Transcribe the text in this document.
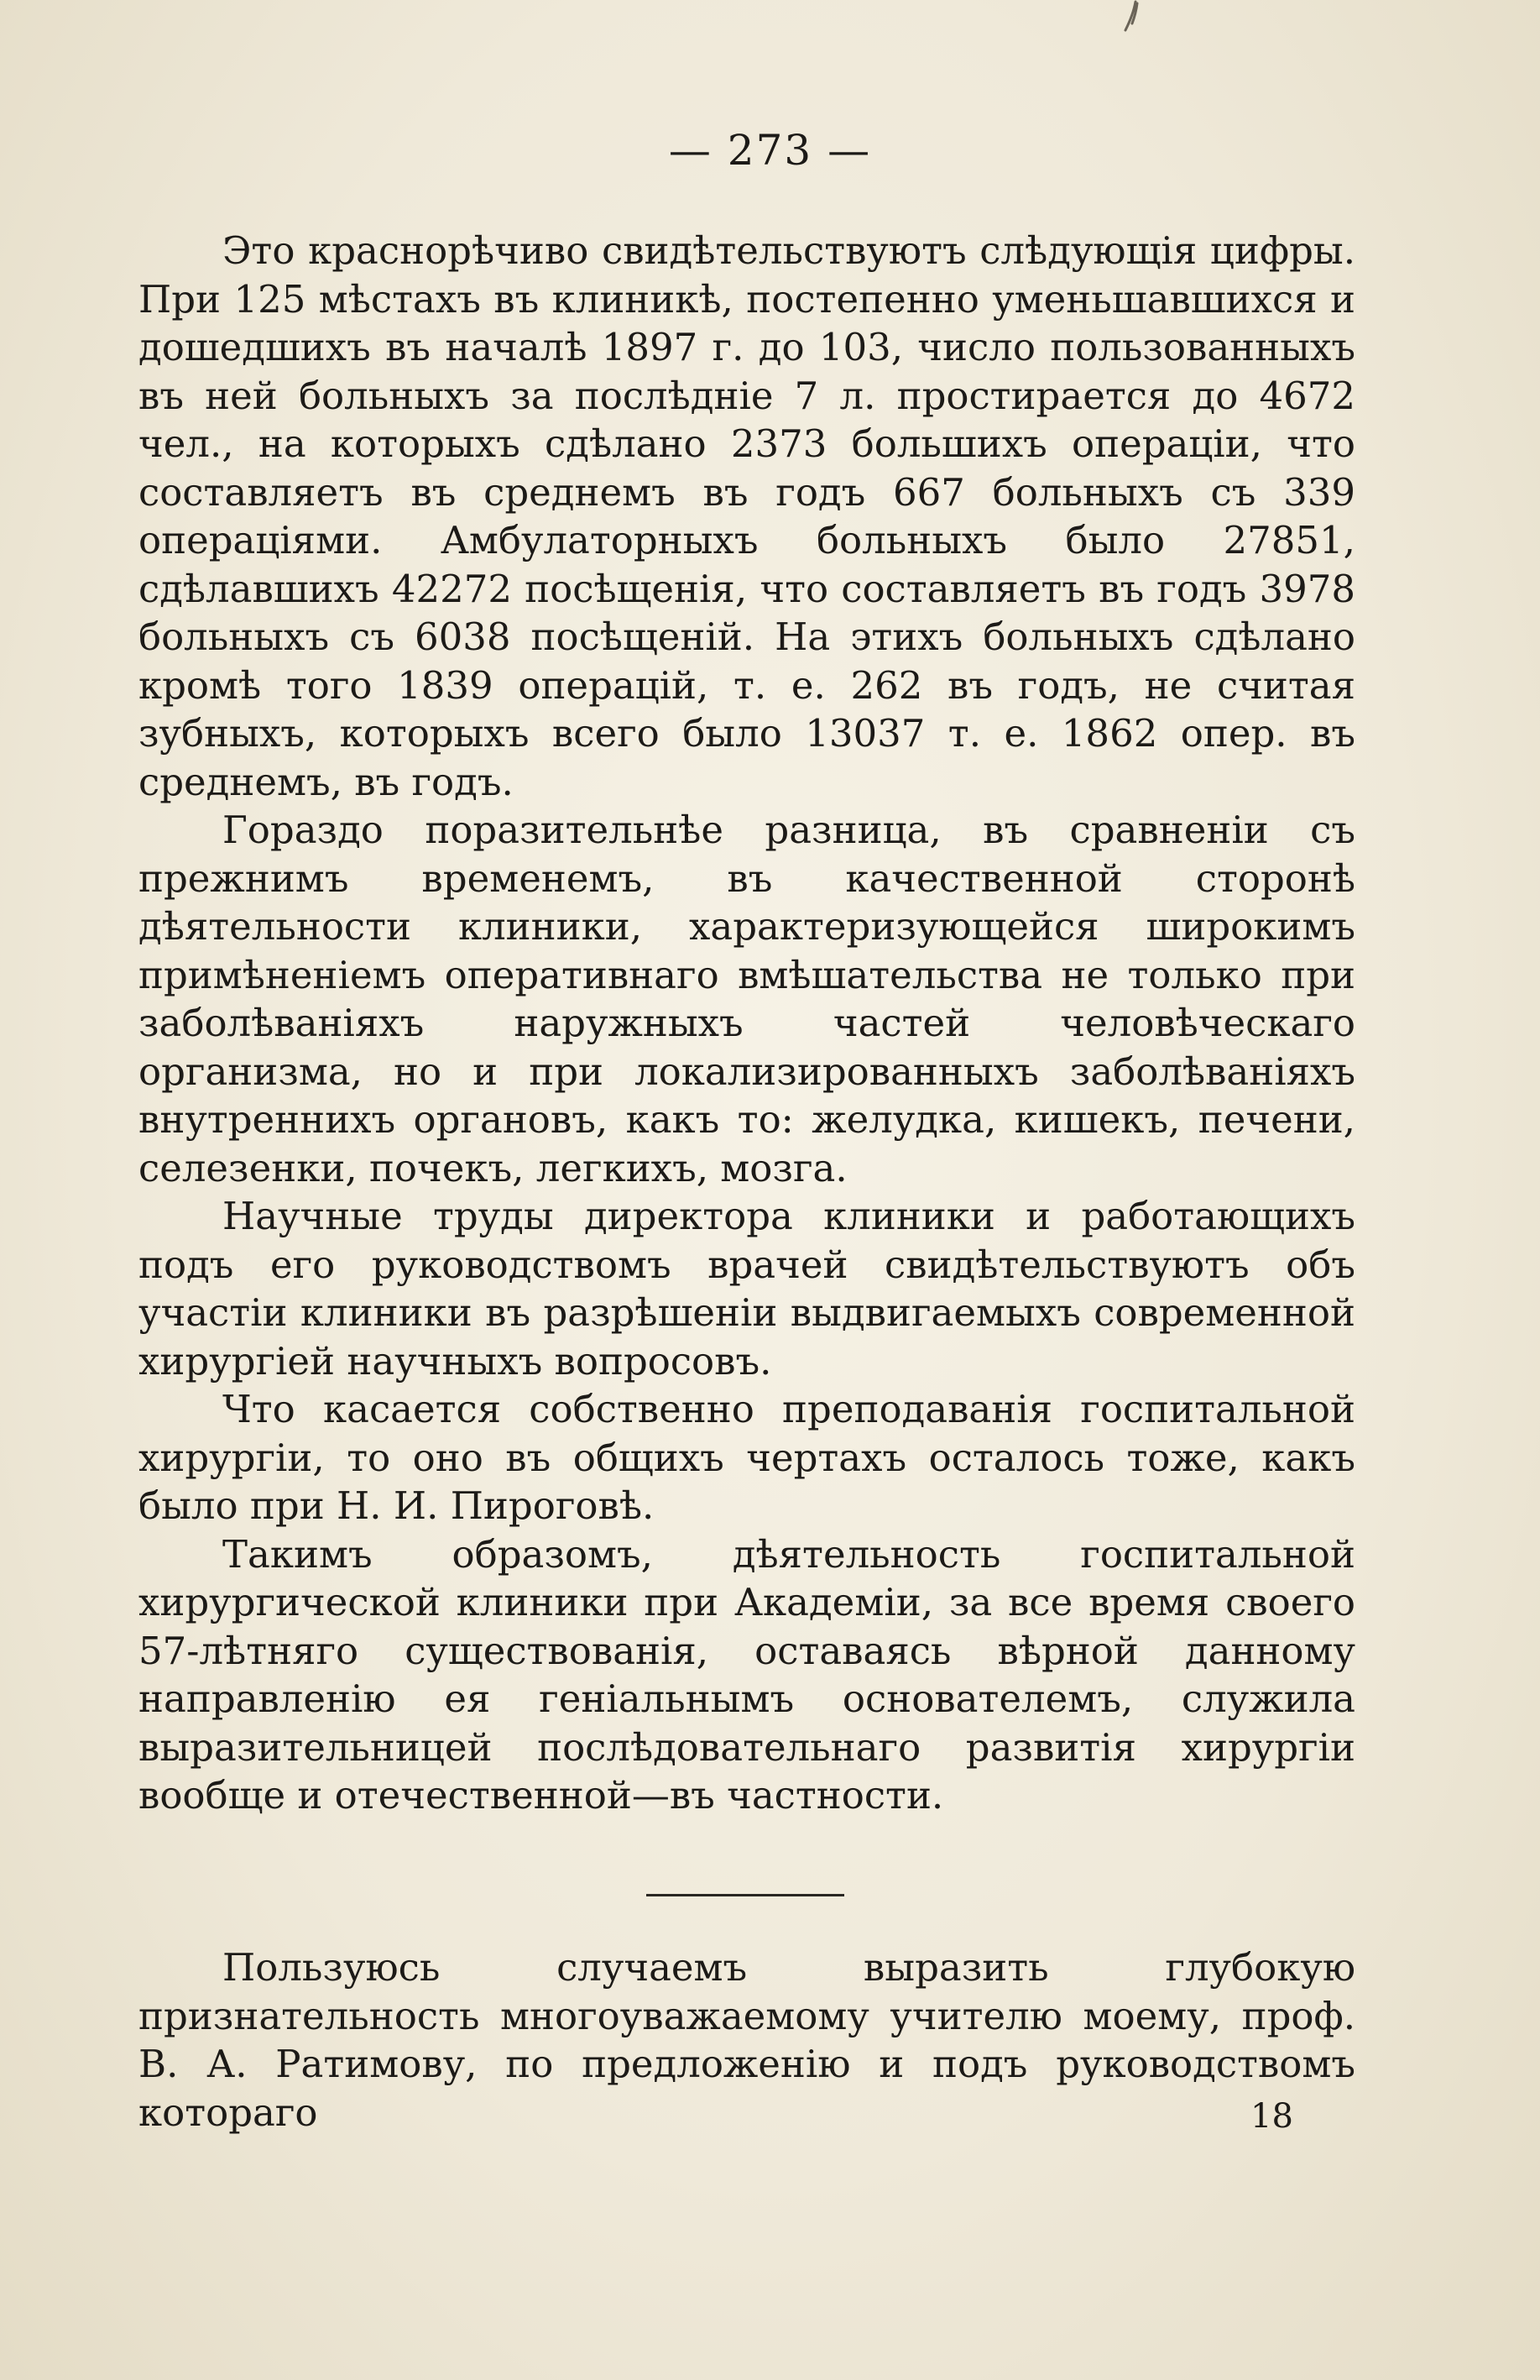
— 273 —

Это краснорѣчиво свидѣтельствуютъ слѣдующія цифры. При 125 мѣстахъ въ клиникѣ, постепенно уменьшавшихся и дошедшихъ въ началѣ 1897 г. до 103, число пользованныхъ въ ней больныхъ за послѣдніе 7 л. простирается до 4672 чел., на которыхъ сдѣлано 2373 большихъ операціи, что составляетъ въ среднемъ въ годъ 667 больныхъ съ 339 операціями. Амбулаторныхъ больныхъ было 27851, сдѣлавшихъ 42272 посѣщенія, что составляетъ въ годъ 3978 больныхъ съ 6038 посѣщеній. На этихъ больныхъ сдѣлано кромѣ того 1839 операцій, т. е. 262 въ годъ, не считая зубныхъ, которыхъ всего было 13037 т. е. 1862 опер. въ среднемъ, въ годъ.

Гораздо поразительнѣе разница, въ сравненіи съ прежнимъ временемъ, въ качественной сторонѣ дѣятельности клиники, характеризующейся широкимъ примѣненіемъ оперативнаго вмѣшательства не только при заболѣваніяхъ наружныхъ частей человѣческаго организма, но и при локализированныхъ заболѣваніяхъ внутреннихъ органовъ, какъ то: желудка, кишекъ, печени, селезенки, почекъ, легкихъ, мозга.

Научные труды директора клиники и работающихъ подъ его руководствомъ врачей свидѣтельствуютъ объ участіи клиники въ разрѣшеніи выдвигаемыхъ современной хирургіей научныхъ вопросовъ.

Что касается собственно преподаванія госпитальной хирургіи, то оно въ общихъ чертахъ осталось тоже, какъ было при Н. И. Пироговѣ.

Такимъ образомъ, дѣятельность госпитальной хирургической клиники при Академіи, за все время своего 57-лѣтняго существованія, оставаясь вѣрной данному направленію ея геніальнымъ основателемъ, служила выразительницей послѣдовательнаго развитія хирургіи вообще и отечественной—въ частности.

Пользуюсь случаемъ выразить глубокую признательность многоуважаемому учителю моему, проф. В. А. Ратимову, по предложенію и подъ руководствомъ котораго	18
